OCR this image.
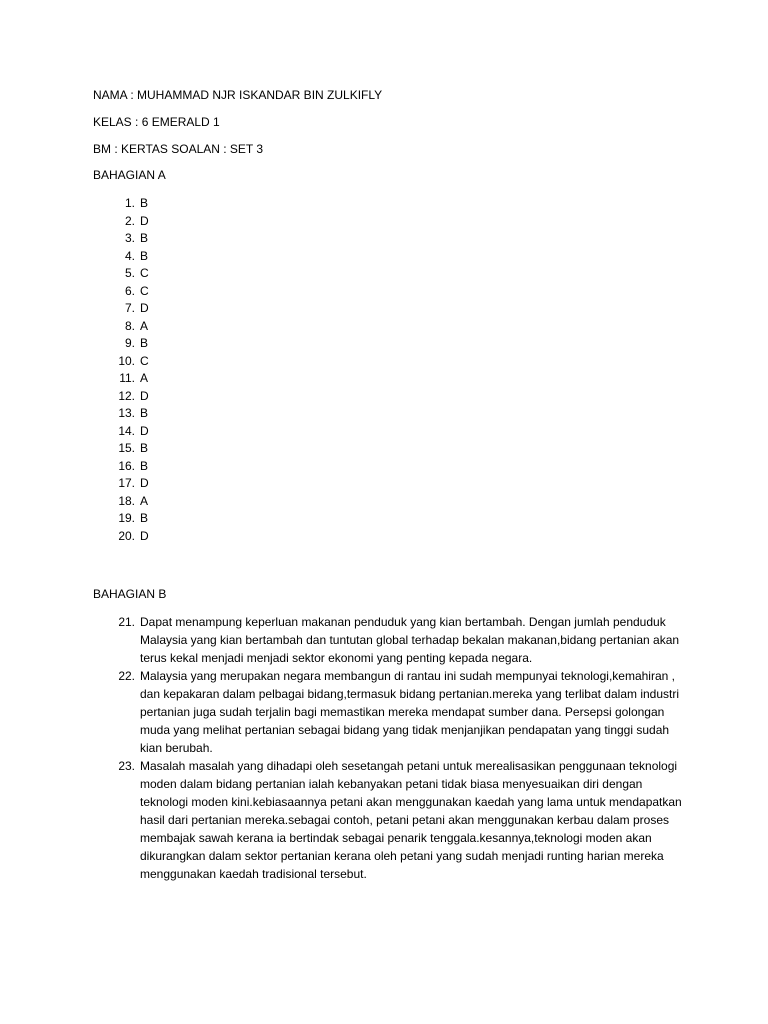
NAMA : MUHAMMAD NJR ISKANDAR BIN ZULKIFLY
KELAS : 6 EMERALD 1
BM : KERTAS SOALAN : SET 3
BAHAGIAN A
1. B
2. D
3. B
4. B
5. C
6. C
7. D
8. A
9. B
10. C
11. A
12. D
13. B
14. D
15. B
16. B
17. D
18. A
19. B
20. D
BAHAGIAN B
21. Dapat menampung keperluan makanan penduduk yang kian bertambah. Dengan jumlah penduduk Malaysia yang kian bertambah dan tuntutan global terhadap bekalan makanan,bidang pertanian akan terus kekal menjadi menjadi sektor ekonomi yang penting kepada negara.
22. Malaysia yang merupakan negara membangun di rantau ini sudah mempunyai teknologi,kemahiran , dan kepakaran dalam pelbagai bidang,termasuk bidang pertanian.mereka yang terlibat dalam industri pertanian juga sudah terjalin bagi memastikan mereka mendapat sumber dana. Persepsi golongan muda yang melihat pertanian sebagai bidang yang tidak menjanjikan pendapatan yang tinggi sudah kian berubah.
23. Masalah masalah yang dihadapi oleh sesetangah petani untuk merealisasikan penggunaan teknologi moden dalam bidang pertanian ialah kebanyakan petani tidak biasa menyesuaikan diri dengan teknologi moden kini.kebiasaannya petani akan menggunakan kaedah yang lama untuk mendapatkan hasil dari pertanian mereka.sebagai contoh, petani petani akan menggunakan kerbau dalam proses membajak sawah kerana ia bertindak sebagai penarik tenggala.kesannya,teknologi moden akan dikurangkan dalam sektor pertanian kerana oleh petani yang sudah menjadi runting harian mereka menggunakan kaedah tradisional tersebut.
